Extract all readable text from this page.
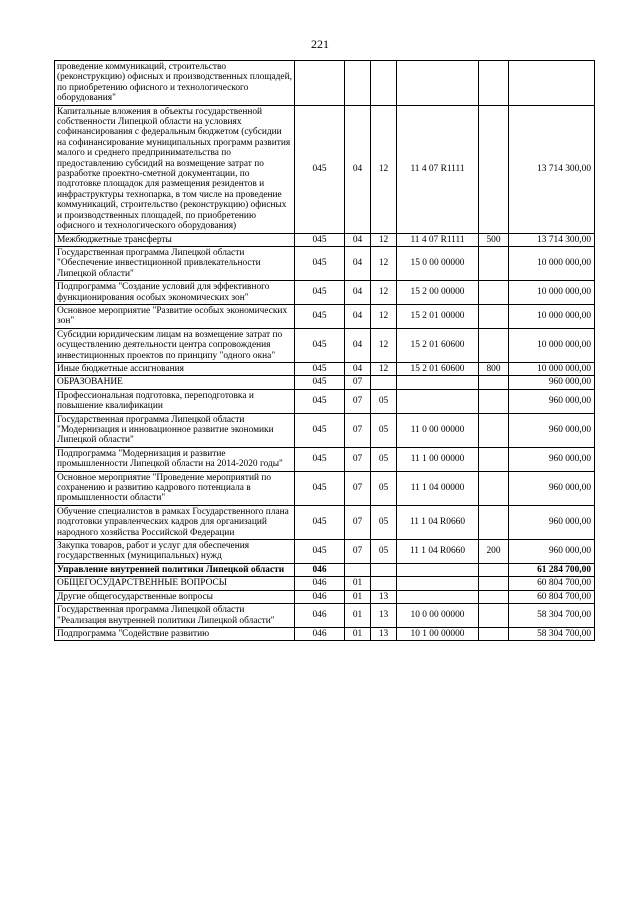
221
проведение коммуникаций, строительство (реконструкцию) офисных и производственных площадей, по приобретению офисного и технологического оборудования"						
Капитальные вложения в объекты государственной собственности Липецкой области на условиях софинансирования с федеральным бюджетом (субсидии на софинансирование муниципальных программ развития малого и среднего предпринимательства по предоставлению субсидий на возмещение затрат по разработке проектно-сметной документации, по подготовке площадок для размещения резидентов и инфраструктуры технопарка, в том числе на проведение коммуникаций, строительство (реконструкцию) офисных и производственных площадей, по приобретению офисного и технологического оборудования)	045	04	12	11 4 07 R1111		13 714 300,00
Межбюджетные трансферты	045	04	12	11 4 07 R1111	500	13 714 300,00
Государственная программа Липецкой области "Обеспечение инвестиционной привлекательности Липецкой области"	045	04	12	15 0 00 00000		10 000 000,00
Подпрограмма "Создание условий для эффективного функционирования особых экономических зон"	045	04	12	15 2 00 00000		10 000 000,00
Основное мероприятие "Развитие особых экономических зон"	045	04	12	15 2 01 00000		10 000 000,00
Субсидии юридическим лицам на возмещение затрат по осуществлению деятельности центра сопровождения инвестиционных проектов по принципу "одного окна"	045	04	12	15 2 01 60600		10 000 000,00
Иные бюджетные ассигнования	045	04	12	15 2 01 60600	800	10 000 000,00
ОБРАЗОВАНИЕ	045	07				960 000,00
Профессиональная подготовка, переподготовка и повышение квалификации	045	07	05			960 000,00
Государственная программа Липецкой области "Модернизация и инновационное развитие экономики Липецкой области"	045	07	05	11 0 00 00000		960 000,00
Подпрограмма "Модернизация и развитие промышленности Липецкой области на 2014-2020 годы"	045	07	05	11 1 00 00000		960 000,00
Основное мероприятие "Проведение мероприятий по сохранению и развитию кадрового потенциала в промышленности области"	045	07	05	11 1 04 00000		960 000,00
Обучение специалистов в рамках Государственного плана подготовки управленческих кадров для организаций народного хозяйства Российской Федерации	045	07	05	11 1 04 R0660		960 000,00
Закупка товаров, работ и услуг для обеспечения государственных (муниципальных) нужд	045	07	05	11 1 04 R0660	200	960 000,00
Управление внутренней политики Липецкой области	046					61 284 700,00
ОБЩЕГОСУДАРСТВЕННЫЕ ВОПРОСЫ	046	01				60 804 700,00
Другие общегосударственные вопросы	046	01	13			60 804 700,00
Государственная программа Липецкой области "Реализация внутренней политики Липецкой области"	046	01	13	10 0 00 00000		58 304 700,00
Подпрограмма "Содействие развитию	046	01	13	10 1 00 00000		58 304 700,00
